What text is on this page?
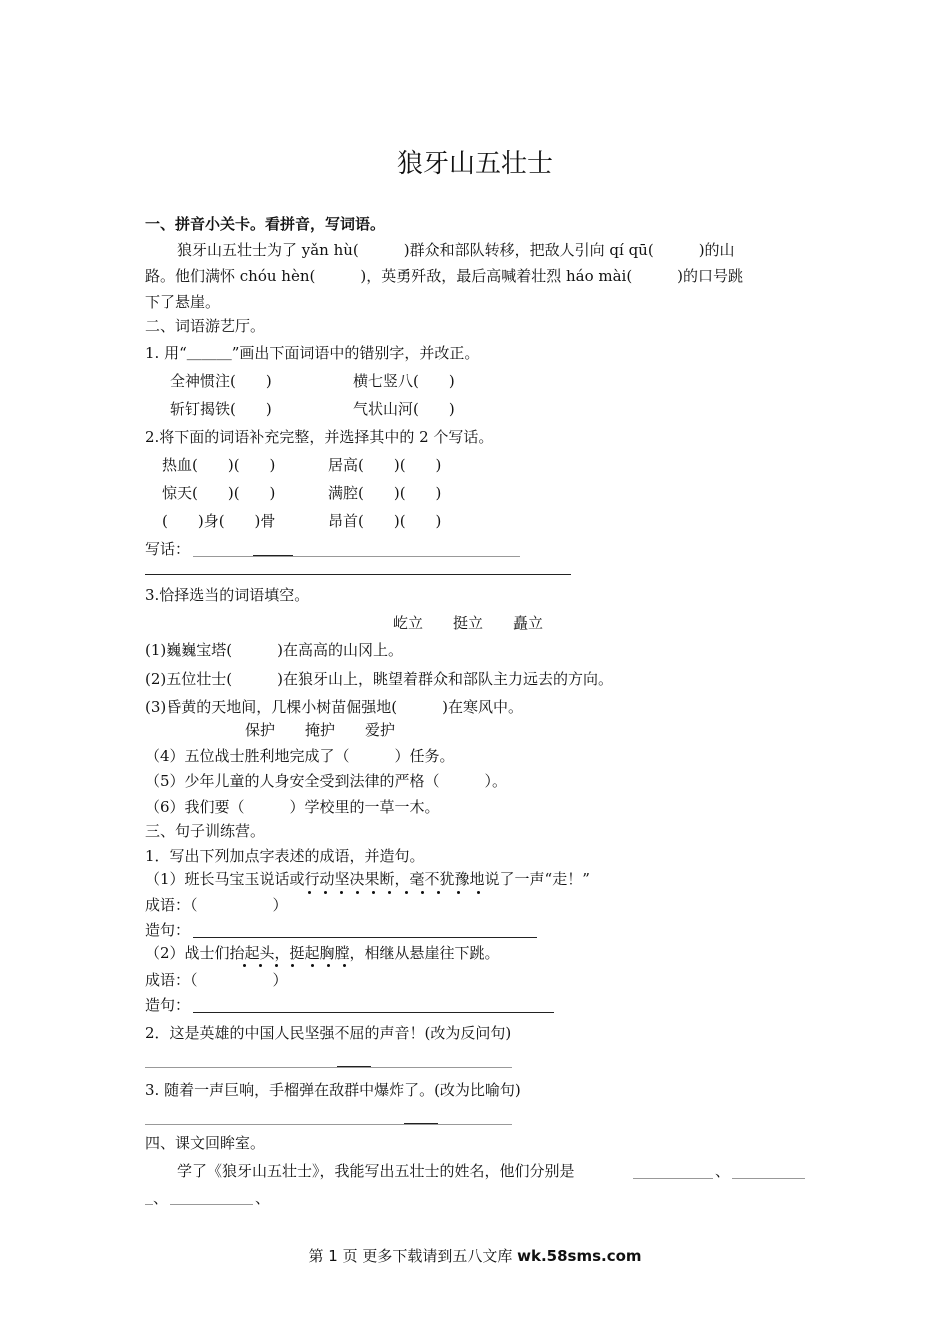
狼牙山五壮士
一、拼音小关卡。看拼音，写词语。
狼牙山五壮士为了 yǎn hù(　　　)群众和部队转移，把敌人引向 qí qū(　　　)的山
路。他们满怀 chóu hèn(　　　)，英勇歼敌，最后高喊着壮烈 háo mài(　　　)的口号跳
下了悬崖。
二、词语游艺厅。
1. 用“＿＿＿”画出下面词语中的错别字，并改正。
全神惯注(　　)	横七竖八(　　)
斩钉揭铁(　　)	气状山河(　　)
2.将下面的词语补充完整，并选择其中的 2 个写话。
热血(　　)(　　)	居高(　　)(　　)
惊天(　　)(　　)	满腔(　　)(　　)
(　　)身(　　)骨	昂首(　　)(　　)
写话：
3.恰择选当的词语填空。
屹立　　挺立　　矗立
(1)巍巍宝塔(　　　)在高高的山冈上。
(2)五位壮士(　　　)在狼牙山上，眺望着群众和部队主力远去的方向。
(3)昏黄的天地间，几棵小树苗倔强地(　　　)在寒风中。
保护　　掩护　　爱护
（4）五位战士胜利地完成了（　　　）任务。
（5）少年儿童的人身安全受到法律的严格（　　　）。
（6）我们要（　　　）学校里的一草一木。
三、句子训练营。
1．写出下列加点字表述的成语，并造句。
（1）班长马宝玉说话或行动坚决果断，毫不犹豫地说了一声“走！”
成语：（　　　　　）
造句：
（2）战士们抬起头，挺起胸膛，相继从悬崖往下跳。
成语：（　　　　　）
造句：
2．这是英雄的中国人民坚强不屈的声音！(改为反问句)
3. 随着一声巨响，手榴弹在敌群中爆炸了。(改为比喻句)
四、课文回眸室。
学了《狼牙山五壮士》，我能写出五壮士的姓名，他们分别是	、
、	、
第 1 页 更多下载请到五八文库 wk.58sms.com
